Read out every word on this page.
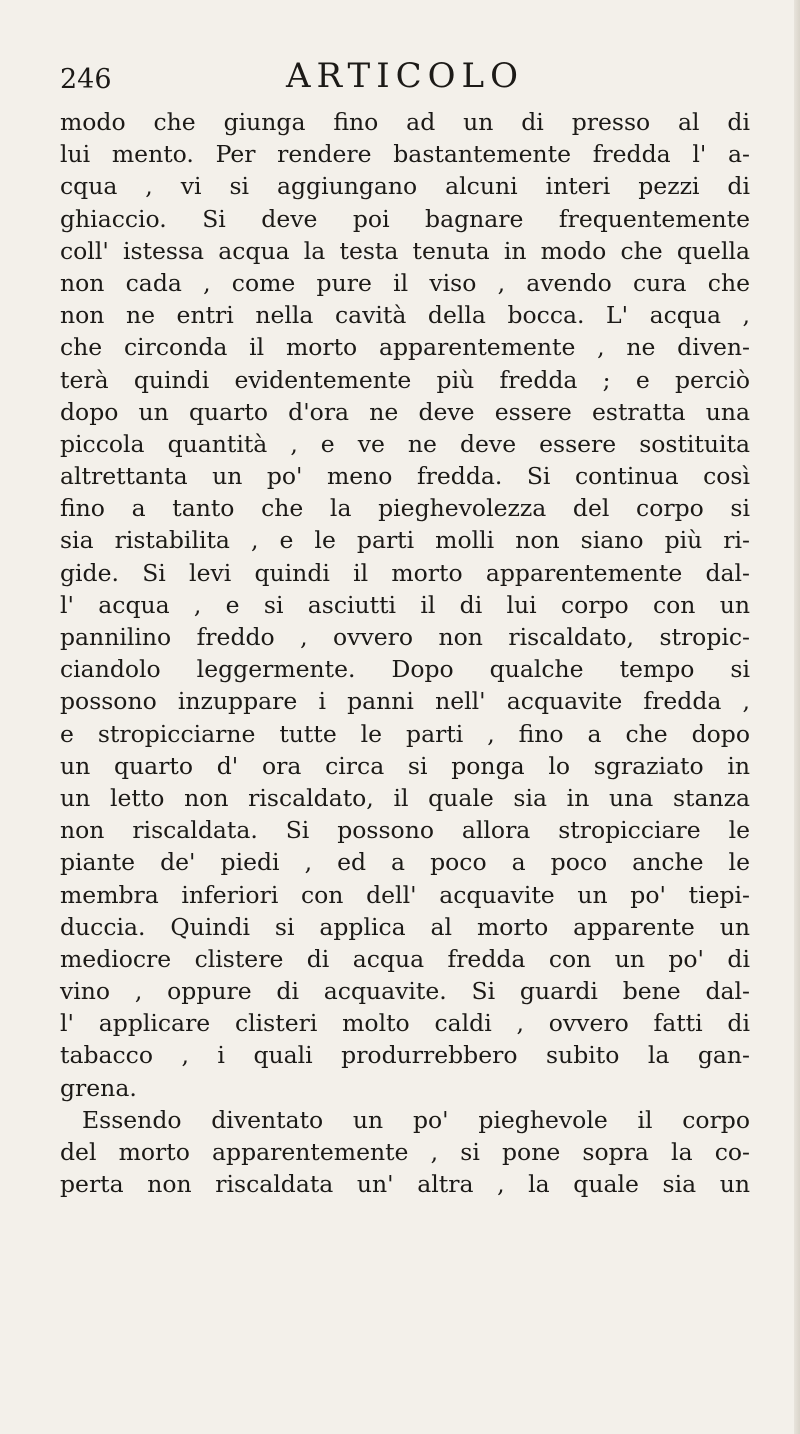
246	ARTICOLO
modo che giunga fino ad un di presso al di
lui mento. Per rendere bastantemente fredda l' a-
cqua , vi si aggiungano alcuni interi pezzi di
ghiaccio. Si deve poi bagnare frequentemente
coll' istessa acqua la testa tenuta in modo che quella
non cada , come pure il viso , avendo cura che
non ne entri nella cavità della bocca. L' acqua ,
che circonda il morto apparentemente , ne diven-
terà quindi evidentemente più fredda ; e perciò
dopo un quarto d'ora ne deve essere estratta una
piccola quantità , e ve ne deve essere sostituita
altrettanta un po' meno fredda. Si continua così
fino a tanto che la pieghevolezza del corpo si
sia ristabilita , e le parti molli non siano più ri-
gide. Si levi quindi il morto apparentemente dal-
l' acqua , e si asciutti il di lui corpo con un
pannilino freddo , ovvero non riscaldato, stropic-
ciandolo leggermente. Dopo qualche tempo si
possono inzuppare i panni nell' acquavite fredda ,
e stropicciarne tutte le parti , fino a che dopo
un quarto d' ora circa si ponga lo sgraziato in
un letto non riscaldato, il quale sia in una stanza
non riscaldata. Si possono allora stropicciare le
piante de' piedi , ed a poco a poco anche le
membra inferiori con dell' acquavite un po' tiepi-
duccia. Quindi si applica al morto apparente un
mediocre clistere di acqua fredda con un po' di
vino , oppure di acquavite. Si guardi bene dal-
l' applicare clisteri molto caldi , ovvero fatti di
tabacco , i quali produrrebbero subito la gan-
grena.
Essendo diventato un po' pieghevole il corpo
del morto apparentemente , si pone sopra la co-
perta non riscaldata un' altra , la quale sia un
